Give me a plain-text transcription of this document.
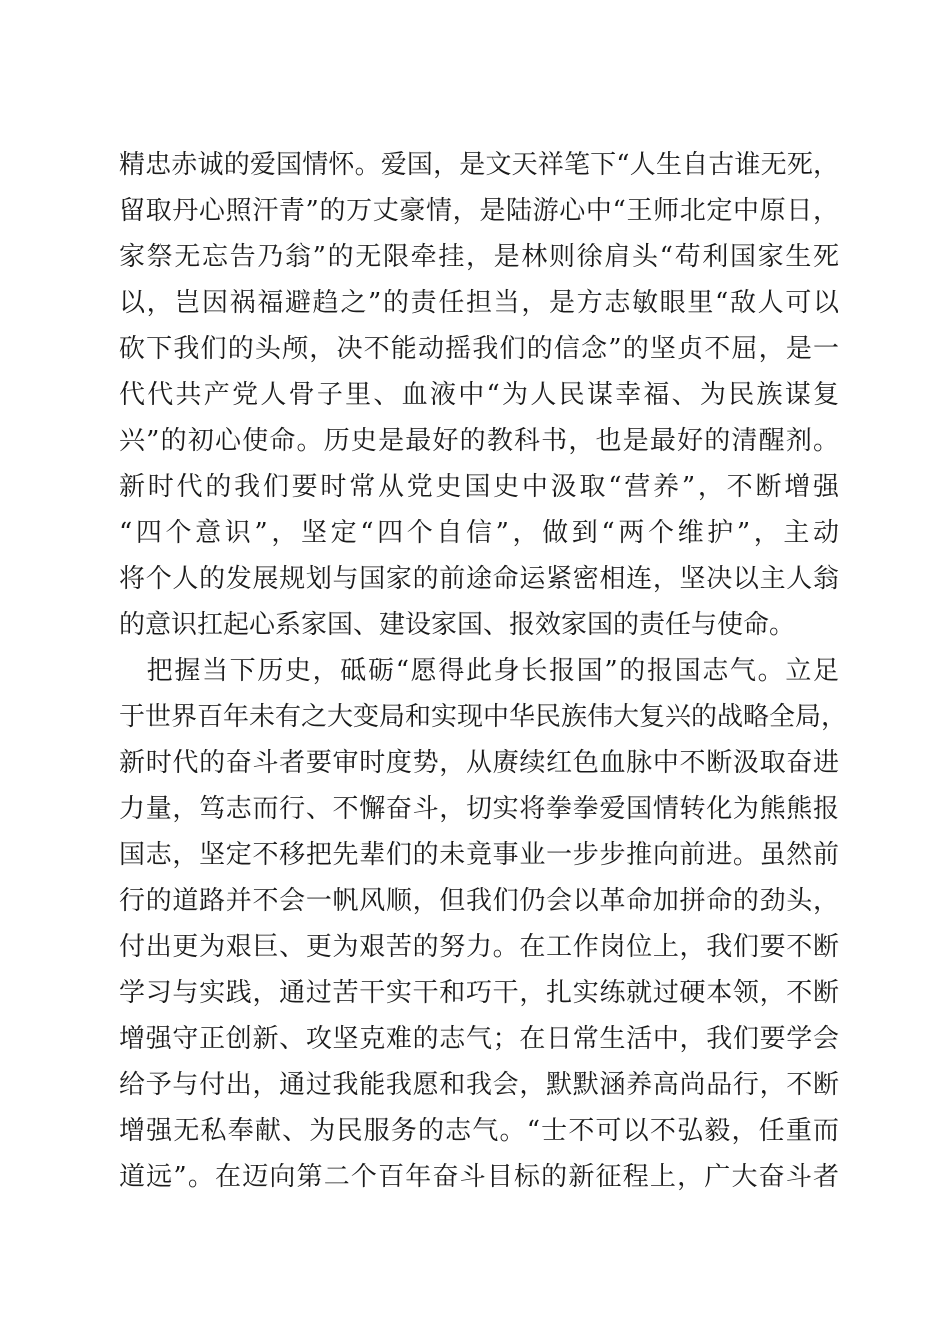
精忠赤诚的爱国情怀。爱国，是文天祥笔下“人生自古谁无死，
留取丹心照汗青”的万丈豪情，是陆游心中“王师北定中原日，
家祭无忘告乃翁”的无限牵挂，是林则徐肩头“苟利国家生死
以，岂因祸福避趋之”的责任担当，是方志敏眼里“敌人可以
砍下我们的头颅，决不能动摇我们的信念”的坚贞不屈，是一
代代共产党人骨子里、血液中“为人民谋幸福、为民族谋复
兴”的初心使命。历史是最好的教科书，也是最好的清醒剂。
新时代的我们要时常从党史国史中汲取“营养”，不断增强
“四个意识”，坚定“四个自信”，做到“两个维护”，主动
将个人的发展规划与国家的前途命运紧密相连，坚决以主人翁
的意识扛起心系家国、建设家国、报效家国的责任与使命。
　把握当下历史，砥砺“愿得此身长报国”的报国志气。立足
于世界百年未有之大变局和实现中华民族伟大复兴的战略全局，
新时代的奋斗者要审时度势，从赓续红色血脉中不断汲取奋进
力量，笃志而行、不懈奋斗，切实将拳拳爱国情转化为熊熊报
国志，坚定不移把先辈们的未竟事业一步步推向前进。虽然前
行的道路并不会一帆风顺，但我们仍会以革命加拼命的劲头，
付出更为艰巨、更为艰苦的努力。在工作岗位上，我们要不断
学习与实践，通过苦干实干和巧干，扎实练就过硬本领，不断
增强守正创新、攻坚克难的志气；在日常生活中，我们要学会
给予与付出，通过我能我愿和我会，默默涵养高尚品行，不断
增强无私奉献、为民服务的志气。“士不可以不弘毅，任重而
道远”。在迈向第二个百年奋斗目标的新征程上，广大奋斗者
